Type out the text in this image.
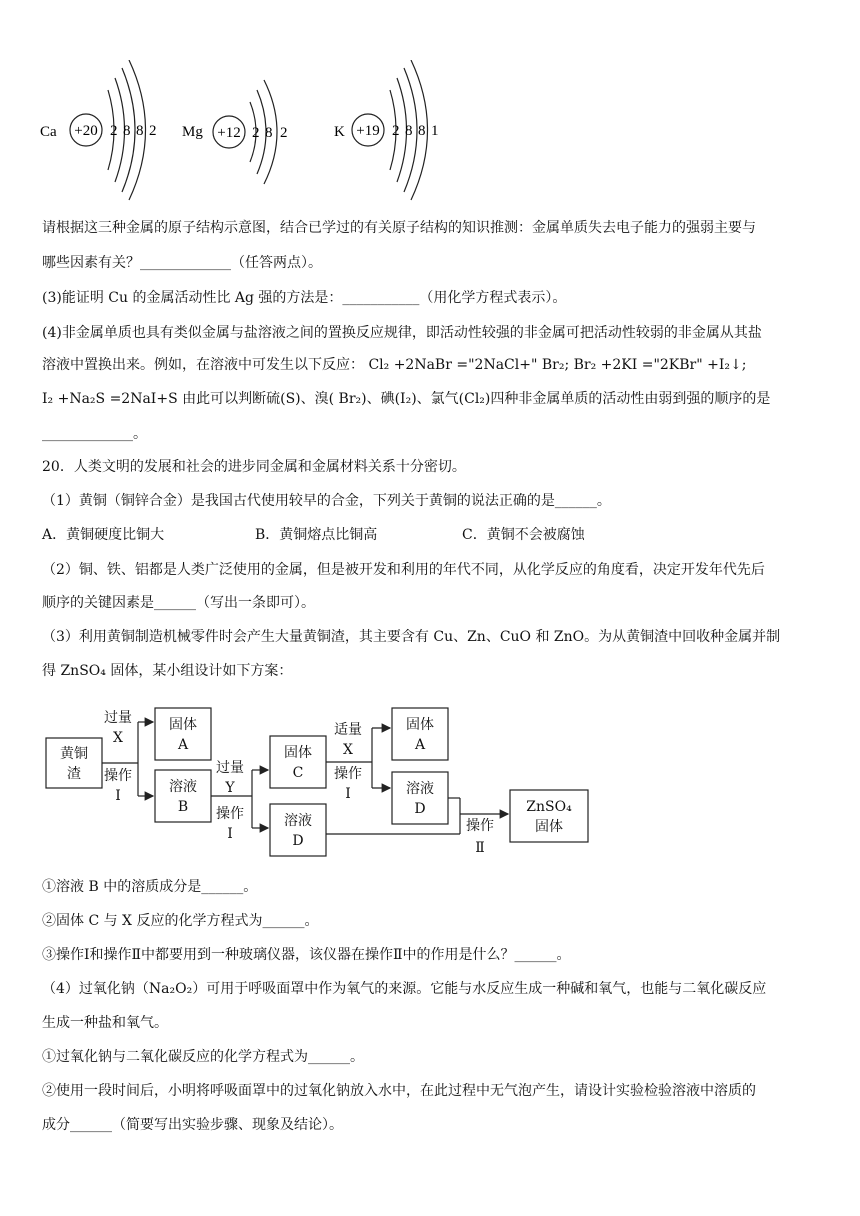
Ca +20 2 8 8 2 Mg +12 2 8 2	K +19 2 8 8 1
请根据这三种金属的原子结构示意图，结合已学过的有关原子结构的知识推测：金属单质失去电子能力的强弱主要与
哪些因素有关？_____________（任答两点）。
(3)能证明 Cu 的金属活动性比 Ag 强的方法是：___________（用化学方程式表示）。
(4)非金属单质也具有类似金属与盐溶液之间的置换反应规律，即活动性较强的非金属可把活动性较弱的非金属从其盐
溶液中置换出来。例如，在溶液中可发生以下反应： Cl₂ +2NaBr ="2NaCl+" Br₂; Br₂ +2KI ="2KBr" +I₂↓;
I₂ +Na₂S =2NaI+S 由此可以判断硫(S)、溴( Br₂)、碘(I₂)、氯气(Cl₂)四种非金属单质的活动性由弱到强的顺序的是
_____________。
20．人类文明的发展和社会的进步同金属和金属材料关系十分密切。
（1）黄铜（铜锌合金）是我国古代使用较早的合金，下列关于黄铜的说法正确的是______。
A．黄铜硬度比铜大	B．黄铜熔点比铜高	C．黄铜不会被腐蚀
（2）铜、铁、铝都是人类广泛使用的金属，但是被开发和利用的年代不同，从化学反应的角度看，决定开发年代先后
顺序的关键因素是______（写出一条即可）。
（3）利用黄铜制造机械零件时会产生大量黄铜渣，其主要含有 Cu、Zn、CuO 和 ZnO。为从黄铜渣中回收种金属并制
得 ZnSO₄ 固体，某小组设计如下方案：
黄铜
渣
过量
X
操作
Ⅰ
固体
A
溶液
B
过量
Y
操作
Ⅰ
固体
C
溶液
D
适量
X
操作
Ⅰ
固体
A
溶液
D
操作
Ⅱ
ZnSO₄
固体
①溶液 B 中的溶质成分是______。
②固体 C 与 X 反应的化学方程式为______。
③操作Ⅰ和操作Ⅱ中都要用到一种玻璃仪器，该仪器在操作Ⅱ中的作用是什么？______。
（4）过氧化钠（Na₂O₂）可用于呼吸面罩中作为氧气的来源。它能与水反应生成一种碱和氧气，也能与二氧化碳反应
生成一种盐和氧气。
①过氧化钠与二氧化碳反应的化学方程式为______。
②使用一段时间后，小明将呼吸面罩中的过氧化钠放入水中，在此过程中无气泡产生，请设计实验检验溶液中溶质的
成分______（简要写出实验步骤、现象及结论）。
